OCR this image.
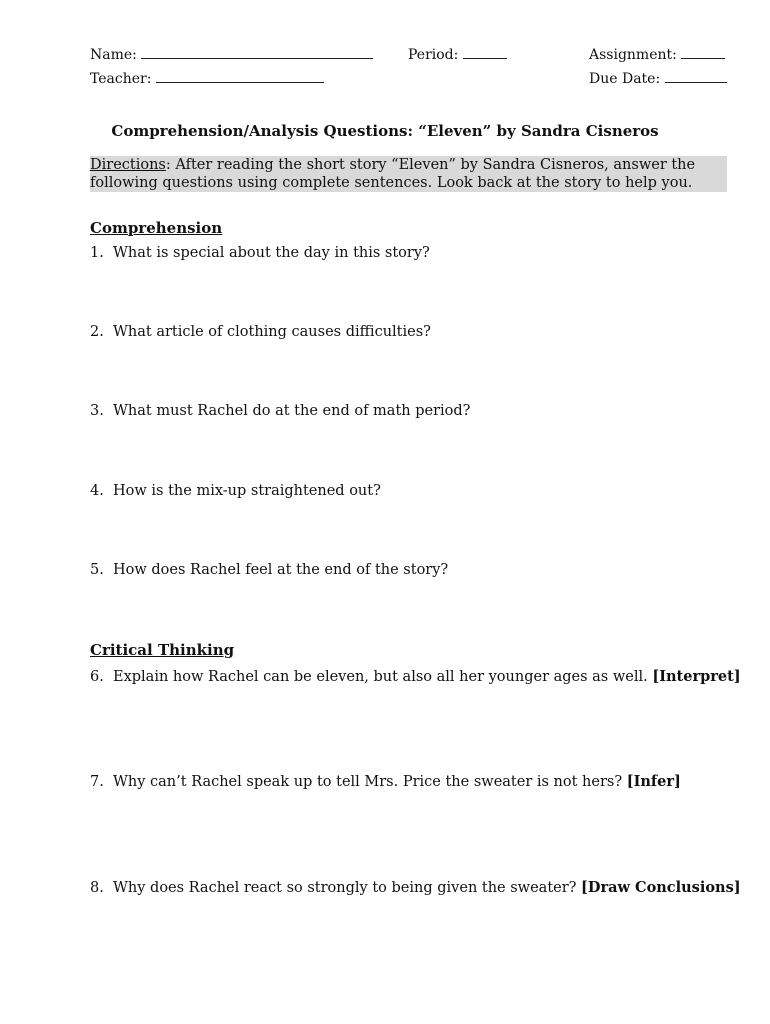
Name:	Period:	Assignment:
Teacher:	Due Date:
Comprehension/Analysis Questions: “Eleven” by Sandra Cisneros
Directions: After reading the short story “Eleven” by Sandra Cisneros, answer the following questions using complete sentences. Look back at the story to help you.
Comprehension
1. What is special about the day in this story?
2. What article of clothing causes difficulties?
3. What must Rachel do at the end of math period?
4. How is the mix-up straightened out?
5. How does Rachel feel at the end of the story?
Critical Thinking
6. Explain how Rachel can be eleven, but also all her younger ages as well. [Interpret]
7. Why can’t Rachel speak up to tell Mrs. Price the sweater is not hers? [Infer]
8. Why does Rachel react so strongly to being given the sweater? [Draw Conclusions]
